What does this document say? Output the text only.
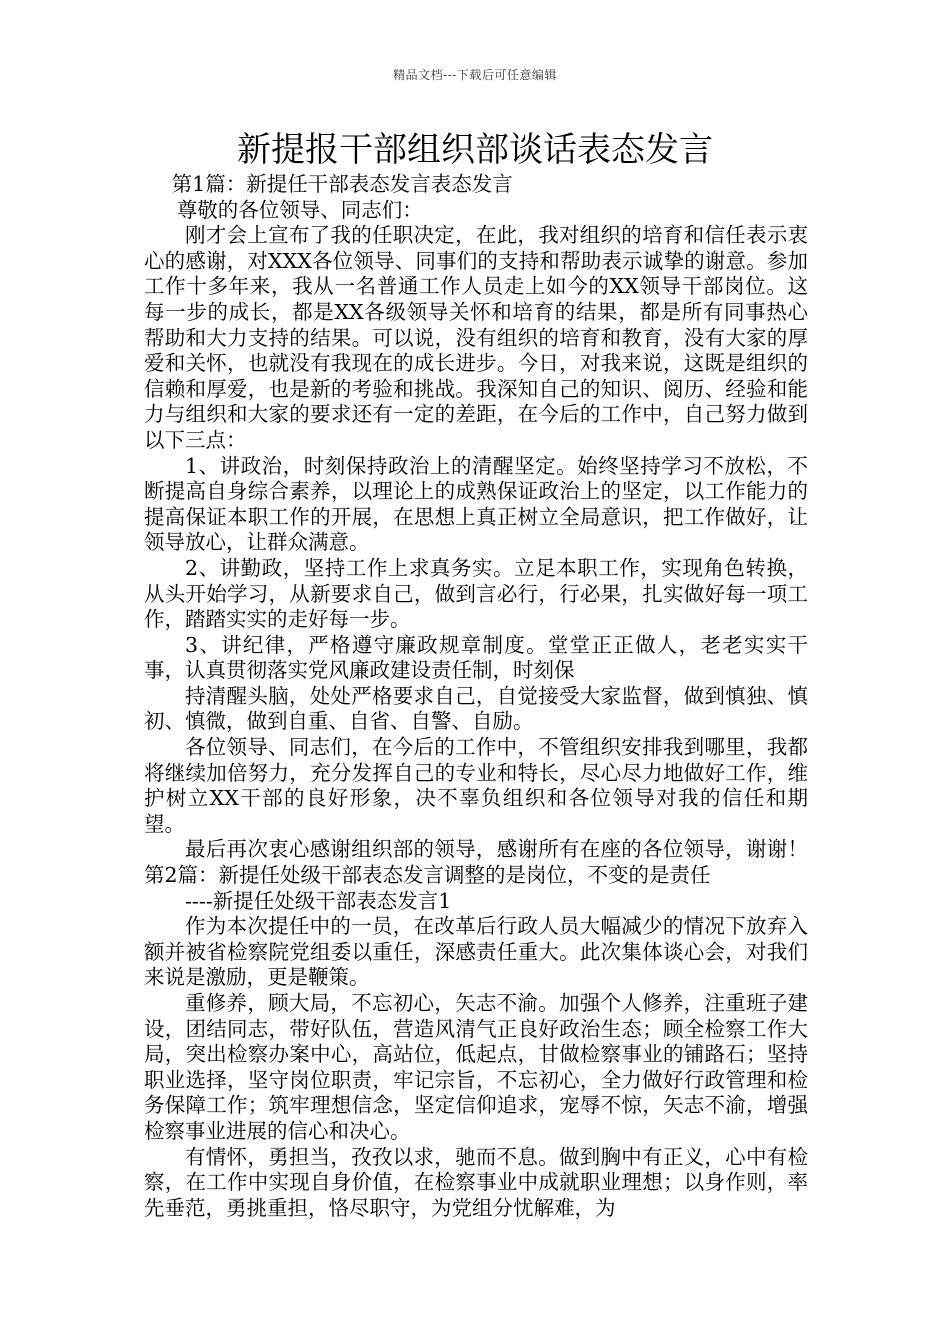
精品文档---下载后可任意编辑
新提报干部组织部谈话表态发言

第1篇：新提任干部表态发言表态发言

尊敬的各位领导、同志们：

刚才会上宣布了我的任职决定，在此，我对组织的培育和信任表示衷心的感谢，对XXX各位领导、同事们的支持和帮助表示诚挚的谢意。参加工作十多年来，我从一名普通工作人员走上如今的XX领导干部岗位。这每一步的成长，都是XX各级领导关怀和培育的结果，都是所有同事热心帮助和大力支持的结果。可以说，没有组织的培育和教育，没有大家的厚爱和关怀，也就没有我现在的成长进步。今日，对我来说，这既是组织的信赖和厚爱，也是新的考验和挑战。我深知自己的知识、阅历、经验和能力与组织和大家的要求还有一定的差距，在今后的工作中，自己努力做到以下三点：

1、讲政治，时刻保持政治上的清醒坚定。始终坚持学习不放松，不断提高自身综合素养，以理论上的成熟保证政治上的坚定，以工作能力的提高保证本职工作的开展，在思想上真正树立全局意识，把工作做好，让领导放心，让群众满意。

2、讲勤政，坚持工作上求真务实。立足本职工作，实现角色转换，从头开始学习，从新要求自己，做到言必行，行必果，扎实做好每一项工作，踏踏实实的走好每一步。

3、讲纪律，严格遵守廉政规章制度。堂堂正正做人，老老实实干事，认真贯彻落实党风廉政建设责任制，时刻保

持清醒头脑，处处严格要求自己，自觉接受大家监督，做到慎独、慎初、慎微，做到自重、自省、自警、自励。

各位领导、同志们，在今后的工作中，不管组织安排我到哪里，我都将继续加倍努力，充分发挥自己的专业和特长，尽心尽力地做好工作，维护树立XX干部的良好形象，决不辜负组织和各位领导对我的信任和期望。

最后再次衷心感谢组织部的领导，感谢所有在座的各位领导，谢谢！第2篇：新提任处级干部表态发言调整的是岗位，不变的是责任

----新提任处级干部表态发言1

作为本次提任中的一员，在改革后行政人员大幅减少的情况下放弃入额并被省检察院党组委以重任，深感责任重大。此次集体谈心会，对我们来说是激励，更是鞭策。

重修养，顾大局，不忘初心，矢志不渝。加强个人修养，注重班子建设，团结同志，带好队伍，营造风清气正良好政治生态；顾全检察工作大局，突出检察办案中心，高站位，低起点，甘做检察事业的铺路石；坚持职业选择，坚守岗位职责，牢记宗旨，不忘初心，全力做好行政管理和检务保障工作；筑牢理想信念，坚定信仰追求，宠辱不惊，矢志不渝，增强检察事业进展的信心和决心。

有情怀，勇担当，孜孜以求，驰而不息。做到胸中有正义，心中有检察，在工作中实现自身价值，在检察事业中成就职业理想；以身作则，率先垂范，勇挑重担，恪尽职守，为党组分忧解难，为
